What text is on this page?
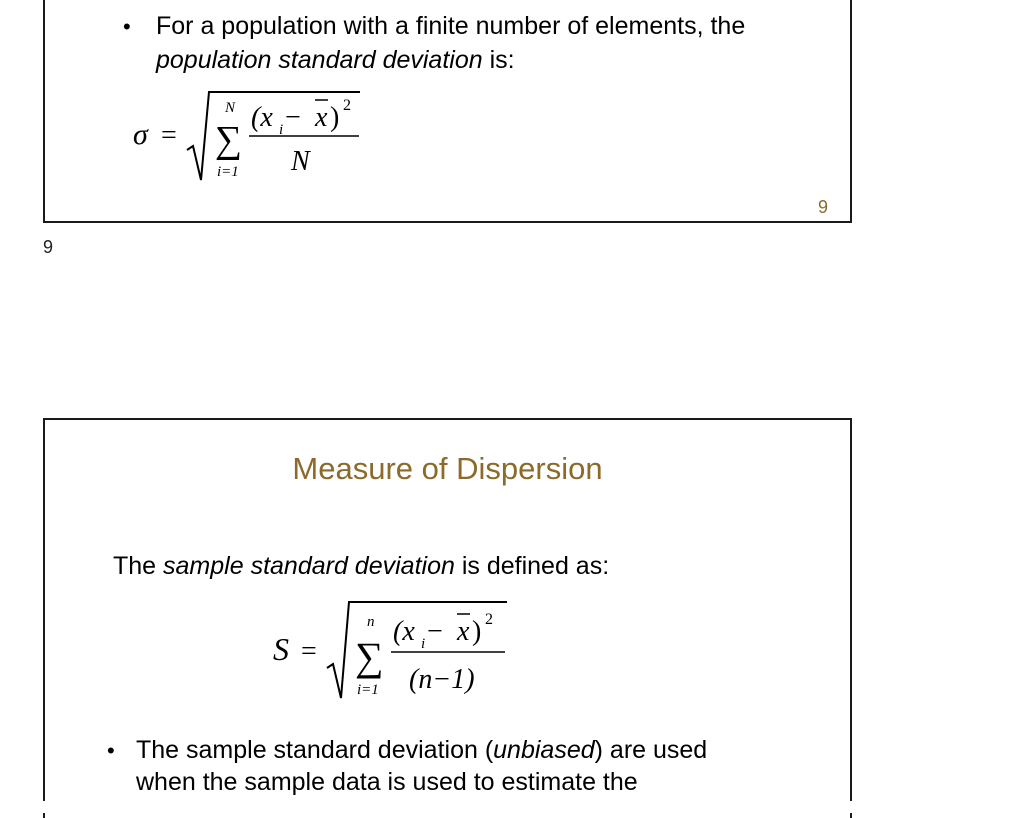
• For a population with a finite number of elements, the
population standard deviation is:
σ = ∑
N
i=1
(x i − x ) 2
N
9
9
Measure of Dispersion
The sample standard deviation is defined as:
S = ∑
n
i=1
(x i − x ) 2
(n−1)
• The sample standard deviation (unbiased) are used
when the sample data is used to estimate the
